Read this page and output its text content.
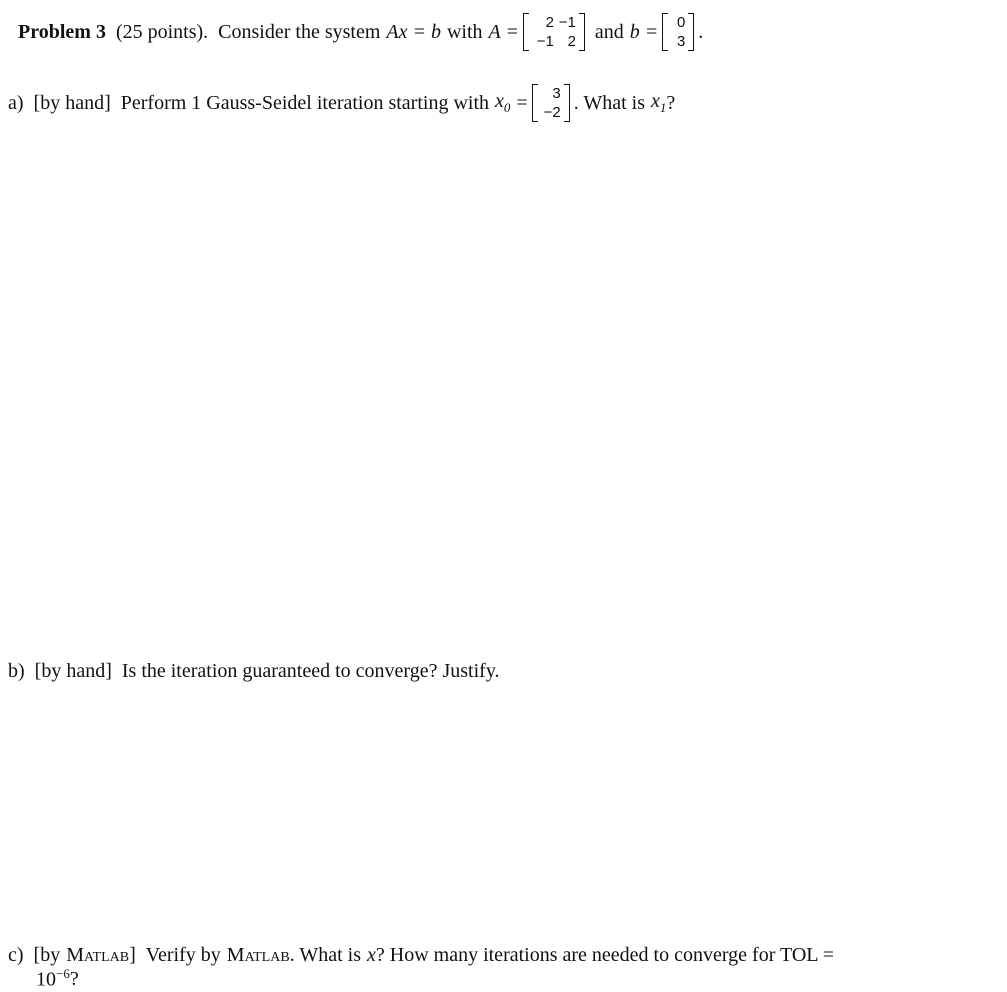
Problem 3 (25 points). Consider the system Ax = b with A =	2 −1
−1 2 and b =	0
3 .
a) [by hand] Perform 1 Gauss-Seidel iteration starting with $x_0$ =	3
−2 . What is $x_1$ ?
b) [by hand] Is the iteration guaranteed to converge? Justify.
c) [by Matlab ] Verify by Matlab . What is x ? How many iterations are needed to converge for TOL =
$10^{-6}$ ?
